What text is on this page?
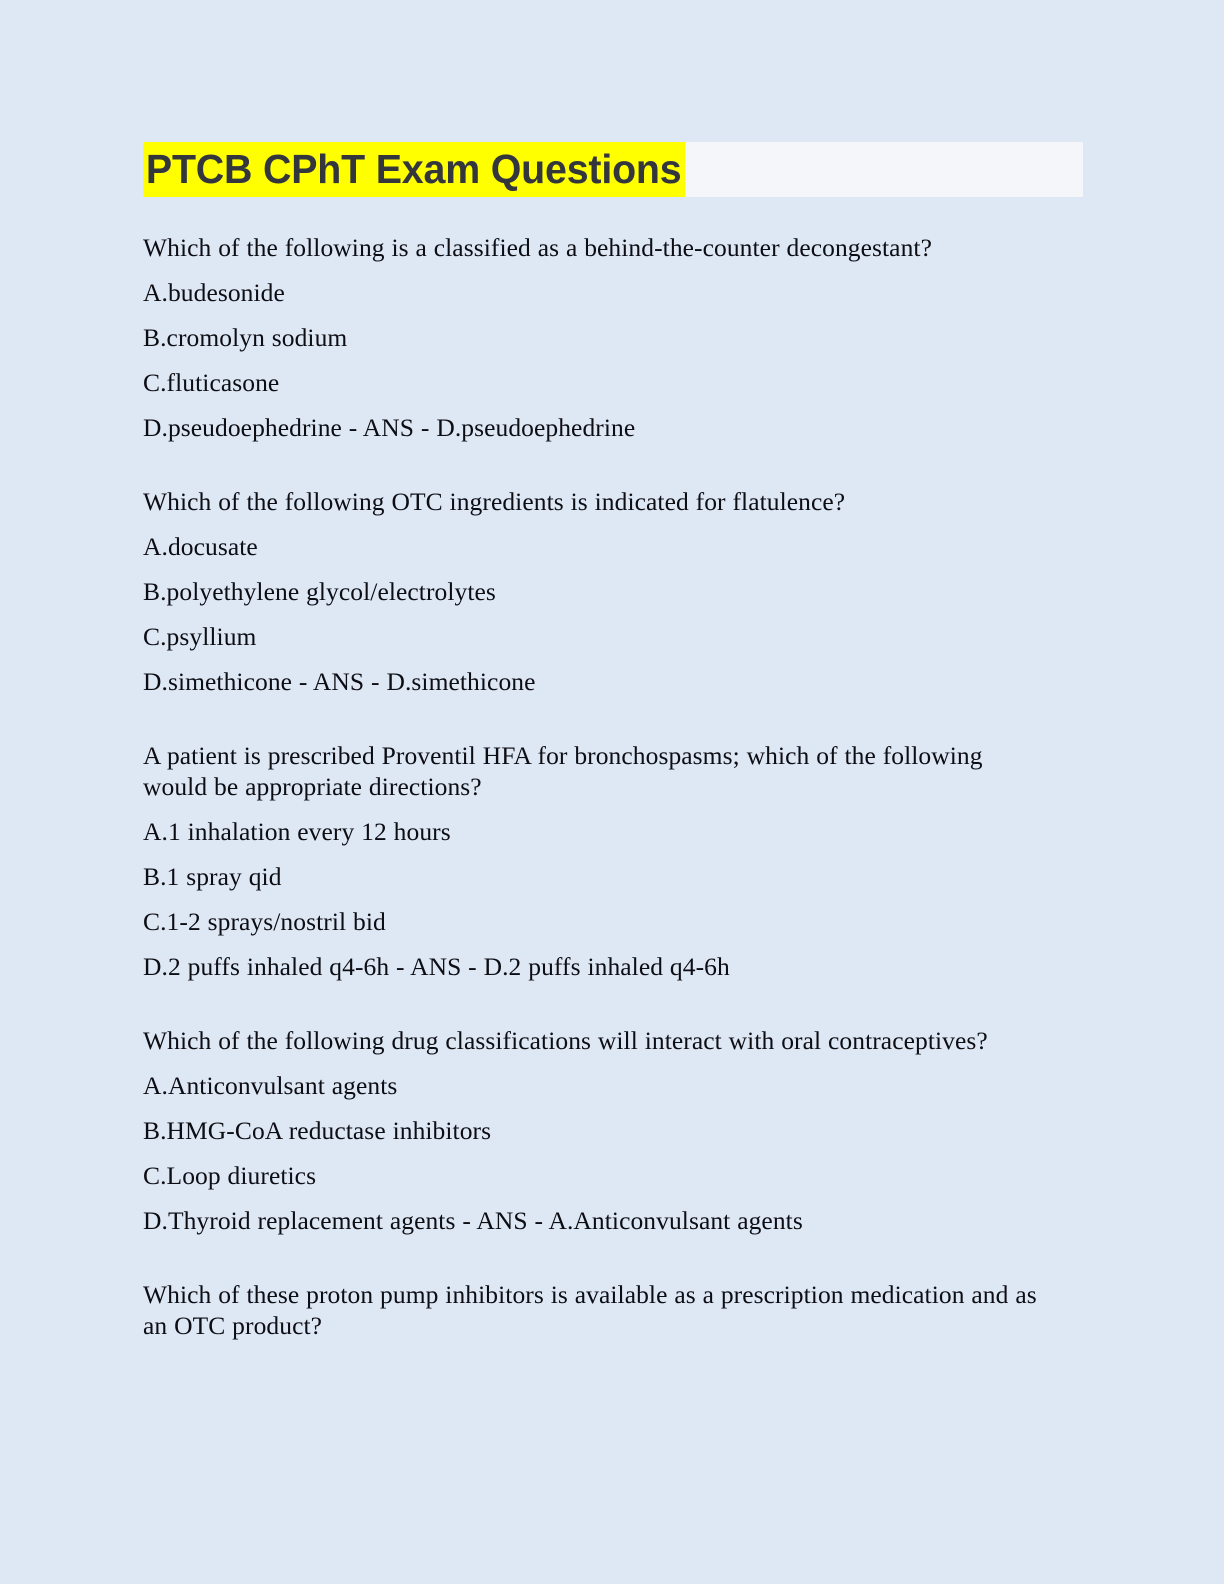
PTCB CPhT Exam Questions

Which of the following is a classified as a behind-the-counter decongestant?

A.budesonide

B.cromolyn sodium

C.fluticasone

D.pseudoephedrine - ANS - D.pseudoephedrine

Which of the following OTC ingredients is indicated for flatulence?

A.docusate

B.polyethylene glycol/electrolytes

C.psyllium

D.simethicone - ANS - D.simethicone

A patient is prescribed Proventil HFA for bronchospasms; which of the following would be appropriate directions?

A.1 inhalation every 12 hours

B.1 spray qid

C.1-2 sprays/nostril bid

D.2 puffs inhaled q4-6h - ANS - D.2 puffs inhaled q4-6h

Which of the following drug classifications will interact with oral contraceptives?

A.Anticonvulsant agents

B.HMG-CoA reductase inhibitors

C.Loop diuretics

D.Thyroid replacement agents - ANS - A.Anticonvulsant agents

Which of these proton pump inhibitors is available as a prescription medication and as an OTC product?
